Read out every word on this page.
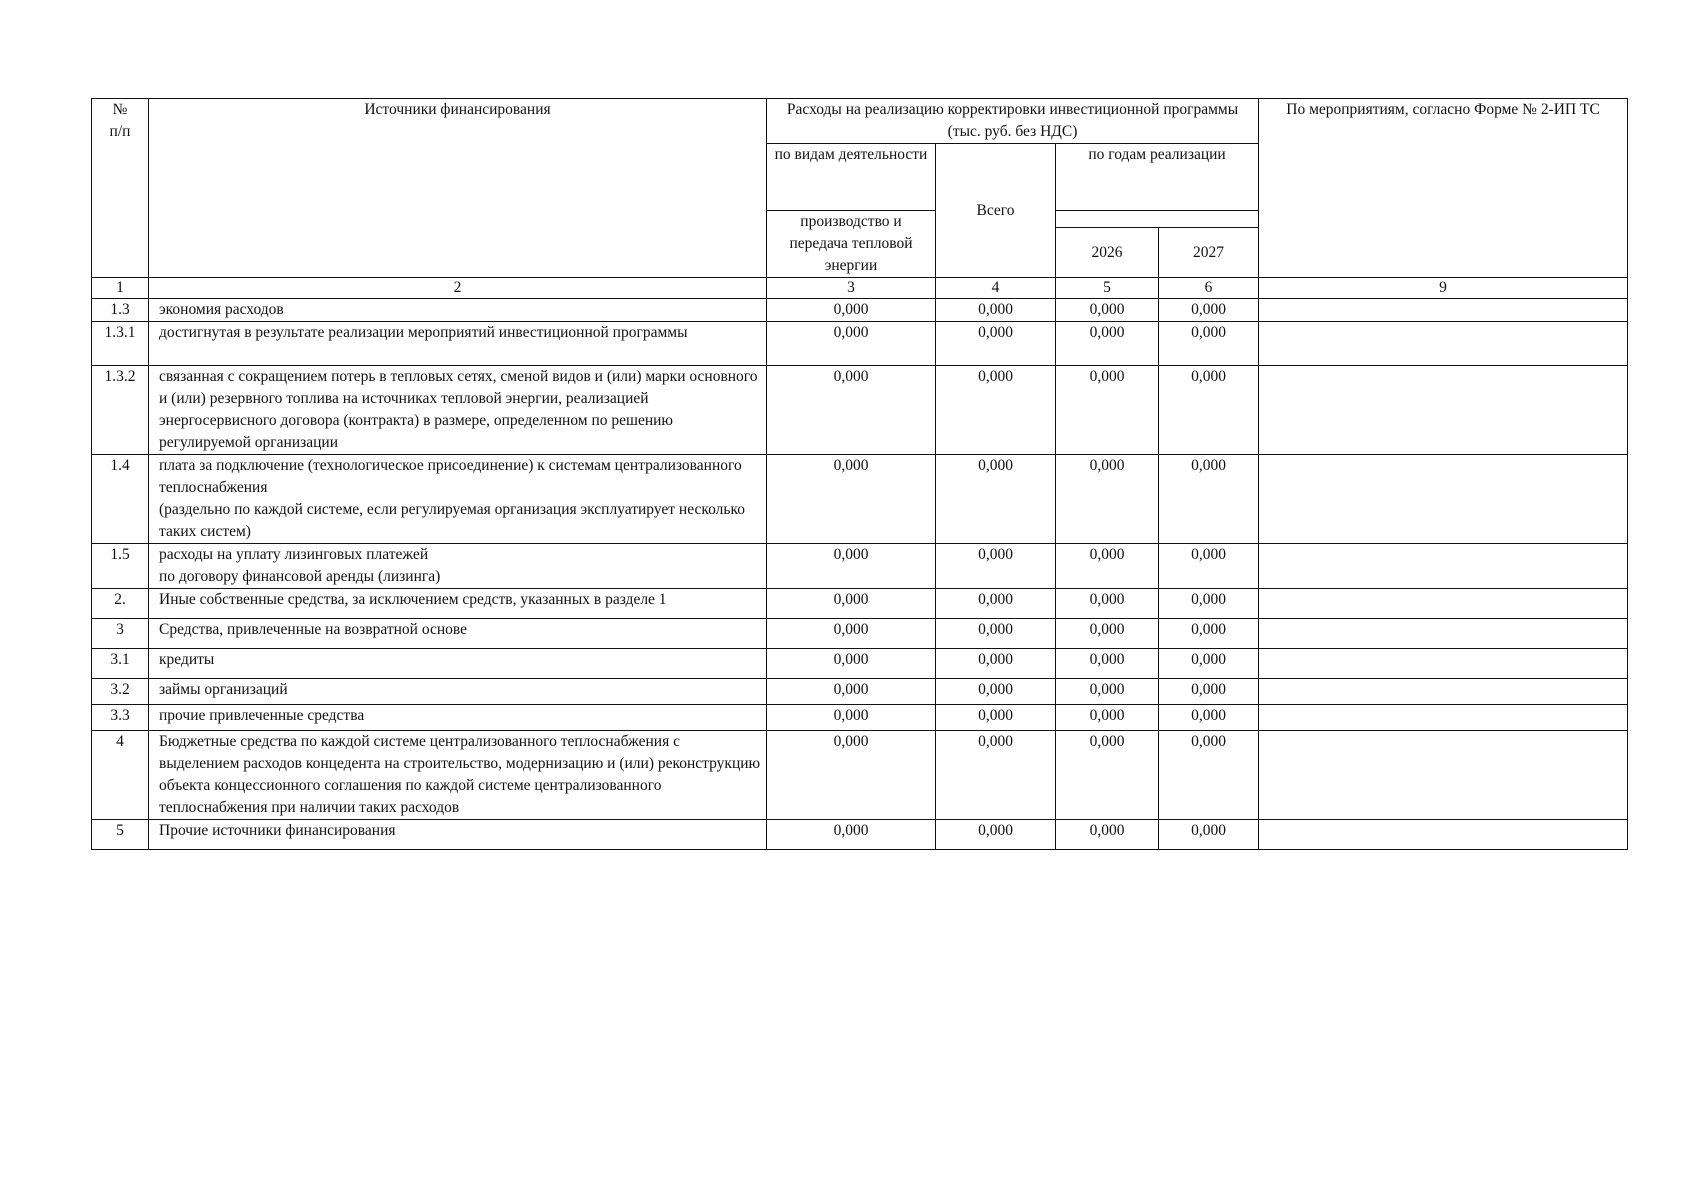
№
п/п	Источники финансирования	Расходы на реализацию корректировки инвестиционной программы (тыс. руб. без НДС)				По мероприятиям, согласно Форме № 2-ИП ТС
		по видам деятельности	Всего	по годам реализации		
		производство и передача тепловой энергии				
				2026	2027	

1	2	3	4	5	6	9
1.3	экономия расходов	0,000	0,000	0,000	0,000	
1.3.1	достигнутая в результате реализации мероприятий инвестиционной программы	0,000	0,000	0,000	0,000	
1.3.2	связанная с сокращением потерь в тепловых сетях, сменой видов и (или) марки основного и (или) резервного топлива на источниках тепловой энергии, реализацией энергосервисного договора (контракта) в размере, определенном по решению регулируемой организации	0,000	0,000	0,000	0,000	
1.4	плата за подключение (технологическое присоединение) к системам централизованного теплоснабжения
(раздельно по каждой системе, если регулируемая организация эксплуатирует несколько таких систем)	0,000	0,000	0,000	0,000	
1.5	расходы на уплату лизинговых платежей
по договору финансовой аренды (лизинга)	0,000	0,000	0,000	0,000	
2.	Иные собственные средства, за исключением средств, указанных в разделе 1	0,000	0,000	0,000	0,000	
3	Средства, привлеченные на возвратной основе	0,000	0,000	0,000	0,000	
3.1	кредиты	0,000	0,000	0,000	0,000	
3.2	займы организаций	0,000	0,000	0,000	0,000	
3.3	прочие привлеченные средства	0,000	0,000	0,000	0,000	
4	Бюджетные средства по каждой системе централизованного теплоснабжения с выделением расходов концедента на строительство, модернизацию и (или) реконструкцию объекта концессионного соглашения по каждой системе централизованного теплоснабжения при наличии таких расходов	0,000	0,000	0,000	0,000	
5	Прочие источники финансирования	0,000	0,000	0,000	0,000	
